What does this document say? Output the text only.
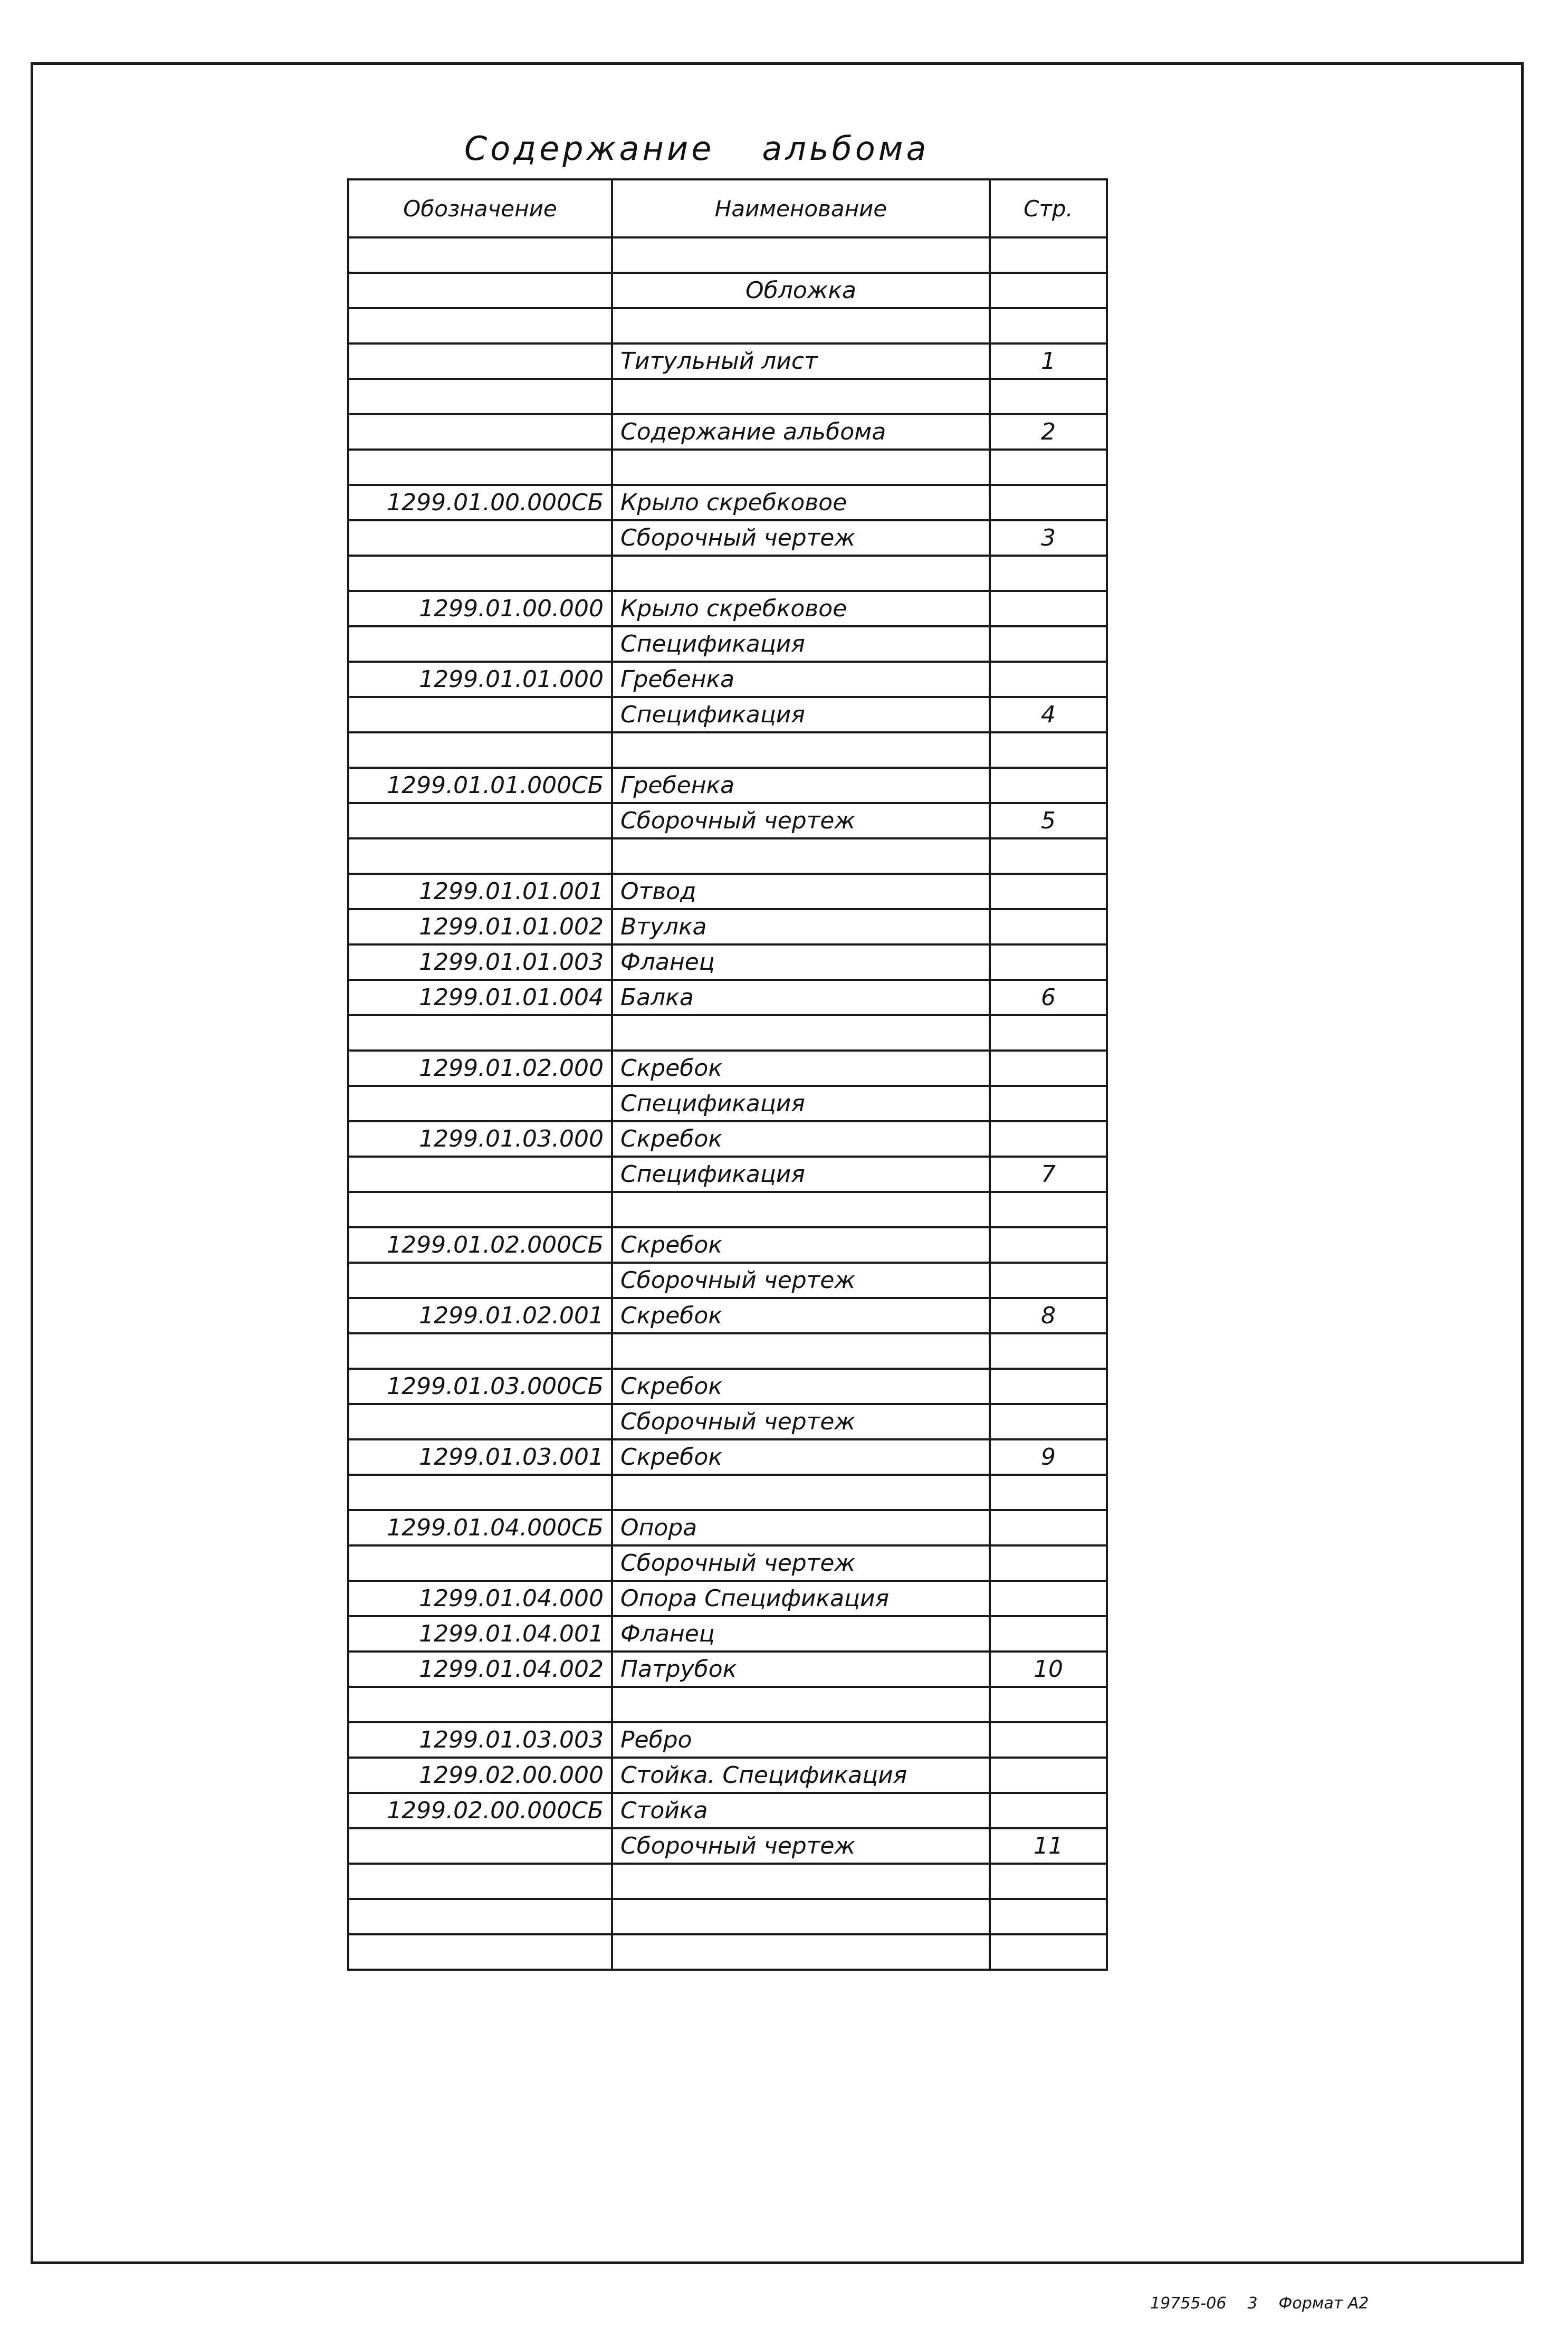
Содержание альбома
Обозначение	Наименование	Стр.

	Обложка	

	Титульный лист	1

	Содержание альбома	2

1299.01.00.000СБ	Крыло скребковое	
	Сборочный чертеж	3

1299.01.00.000	Крыло скребковое	
	Спецификация	
1299.01.01.000	Гребенка	
	Спецификация	4

1299.01.01.000СБ	Гребенка	
	Сборочный чертеж	5

1299.01.01.001	Отвод	
1299.01.01.002	Втулка	
1299.01.01.003	Фланец	
1299.01.01.004	Балка	6

1299.01.02.000	Скребок	
	Спецификация	
1299.01.03.000	Скребок	
	Спецификация	7

1299.01.02.000СБ	Скребок	
	Сборочный чертеж	
1299.01.02.001	Скребок	8

1299.01.03.000СБ	Скребок	
	Сборочный чертеж	
1299.01.03.001	Скребок	9

1299.01.04.000СБ	Опора	
	Сборочный чертеж	
1299.01.04.000	Опора Спецификация	
1299.01.04.001	Фланец	
1299.01.04.002	Патрубок	10

1299.01.03.003	Ребро	
1299.02.00.000	Стойка. Спецификация	
1299.02.00.000СБ	Стойка	
	Сборочный чертеж	11

19755-06 3 Формат А2
